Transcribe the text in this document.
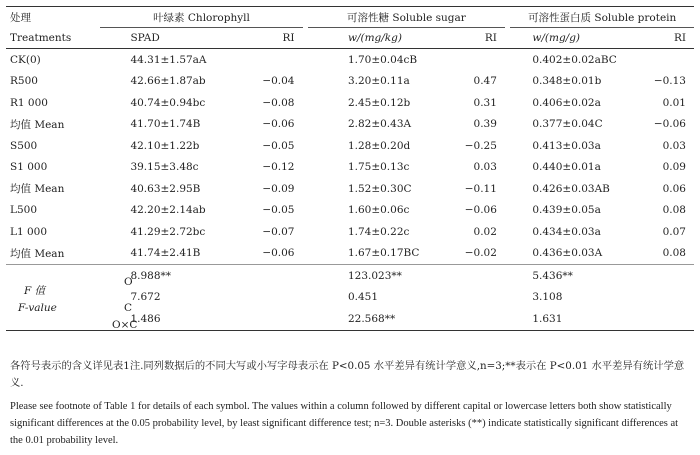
处理	叶绿素 Chlorophyll			可溶性糖 Soluble sugar			可溶性蛋白质 Soluble protein	
Treatments	SPAD	RI		w/(mg/kg)	RI		w/(mg/g)	RI
CK(0)	44.31±1.57aA			1.70±0.04cB			0.402±0.02aBC	
R500	42.66±1.87ab	−0.04		3.20±0.11a	0.47		0.348±0.01b	−0.13
R1 000	40.74±0.94bc	−0.08		2.45±0.12b	0.31		0.406±0.02a	0.01
均值 Mean	41.70±1.74B	−0.06		2.82±0.43A	0.39		0.377±0.04C	−0.06
S500	42.10±1.22b	−0.05		1.28±0.20d	−0.25		0.413±0.03a	0.03
S1 000	39.15±3.48c	−0.12		1.75±0.13c	0.03		0.440±0.01a	0.09
均值 Mean	40.63±2.95B	−0.09		1.52±0.30C	−0.11		0.426±0.03AB	0.06
L500	42.20±2.14ab	−0.05		1.60±0.06c	−0.06		0.439±0.05a	0.08
L1 000	41.29±2.72bc	−0.07		1.74±0.22c	0.02		0.434±0.03a	0.07
均值 Mean	41.74±2.41B	−0.06		1.67±0.17BC	−0.02		0.436±0.03A	0.08

O	8.988**			123.023**			5.436**	

F 值
F-value C	7.672			0.451			3.108	

O×C	1.486			22.568**			1.631	

各符号表示的含义详见表1注.同列数据后的不同大写或小写字母表示在 P<0.05 水平差异有统计学意义,n=3;**表示在 P<0.01 水平差异有统计学意义.

Please see footnote of Table 1 for details of each symbol. The values within a column followed by different capital or lowercase letters both show statistically significant differences at the 0.05 probability level, by least significant difference test; n=3. Double asterisks (**) indicate statistically significant differences at the 0.01 probability level.
